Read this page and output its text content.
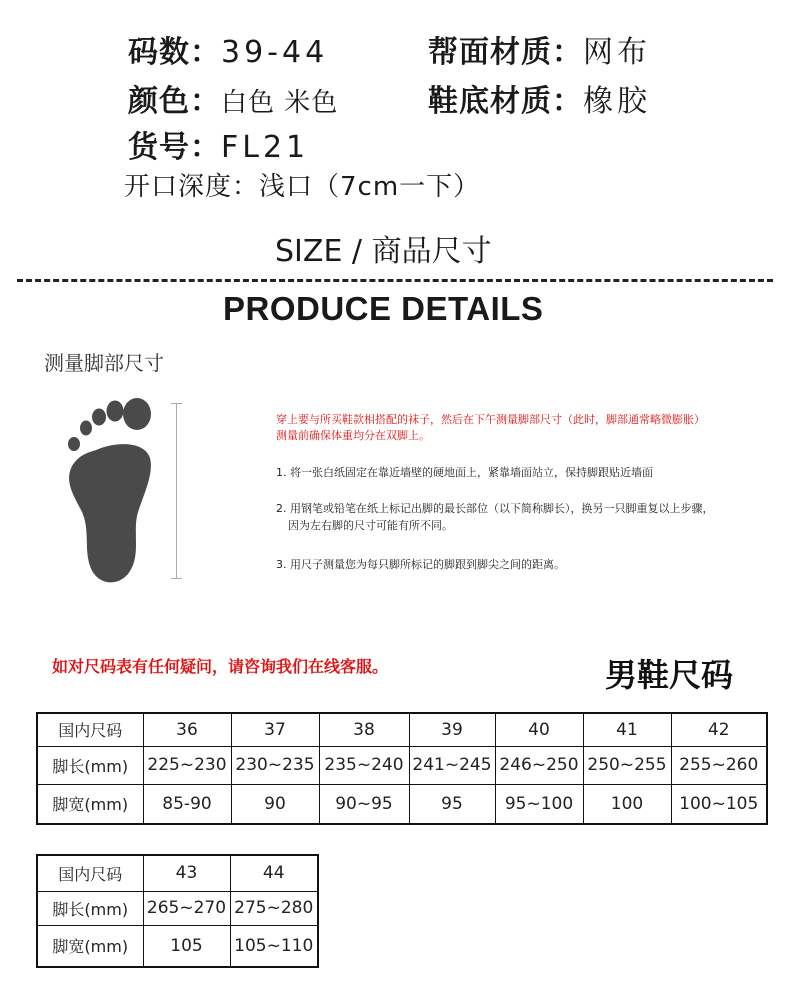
码数：39-44	帮面材质：网布
颜色：白色 米色	鞋底材质：橡胶
货号：FL21
开口深度：浅口（7cm一下）
SIZE / 商品尺寸
PRODUCE DETAILS
测量脚部尺寸
穿上要与所买鞋款相搭配的袜子，然后在下午测量脚部尺寸（此时，脚部通常略微膨胀）
测量前确保体重均分在双脚上。
1. 将一张白纸固定在靠近墙壁的硬地面上，紧靠墙面站立，保持脚跟贴近墙面
2. 用钢笔或铅笔在纸上标记出脚的最长部位（以下简称脚长），换另一只脚重复以上步骤，
因为左右脚的尺寸可能有所不同。
3. 用尺子测量您为每只脚所标记的脚跟到脚尖之间的距离。
如对尺码表有任何疑问，请咨询我们在线客服。	男鞋尺码
国内尺码	36	37	38	39	40	41	42
脚长(mm)	225~230	230~235	235~240	241~245	246~250	250~255	255~260
脚宽(mm)	85-90	90	90~95	95	95~100	100	100~105
国内尺码	43	44
脚长(mm)	265~270	275~280
脚宽(mm)	105	105~110
